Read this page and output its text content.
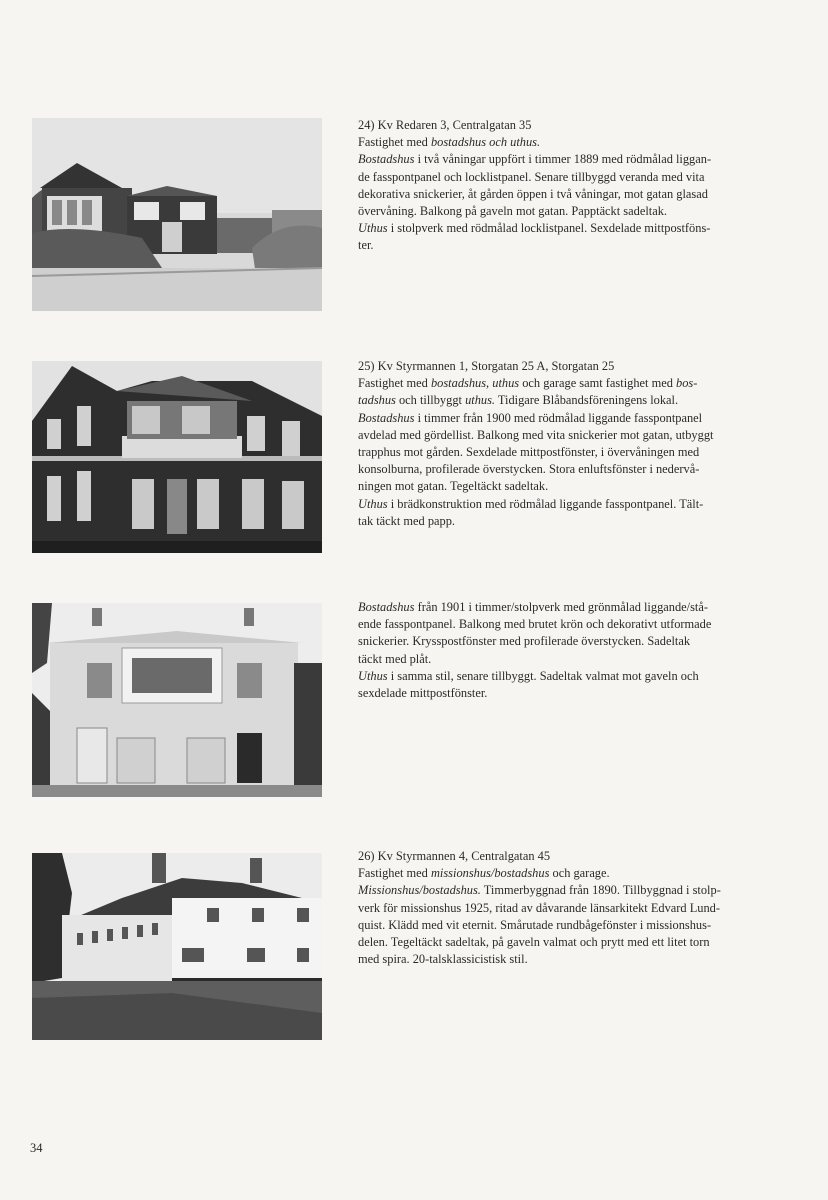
24) Kv Redaren 3, Centralgatan 35

Fastighet med bostadshus och uthus.

Bostadshus i två våningar uppfört i timmer 1889 med rödmålad liggan-

de fasspontpanel och locklistpanel. Senare tillbyggd veranda med vita

dekorativa snickerier, åt gården öppen i två våningar, mot gatan glasad

övervåning. Balkong på gaveln mot gatan. Papptäckt sadeltak.

Uthus i stolpverk med rödmålad locklistpanel. Sexdelade mittpostföns-

ter.

25) Kv Styrmannen 1, Storgatan 25 A, Storgatan 25

Fastighet med bostadshus, uthus och garage samt fastighet med bos-

tadshus och tillbyggt uthus. Tidigare Blåbandsföreningens lokal.

Bostadshus i timmer från 1900 med rödmålad liggande fasspontpanel

avdelad med gördellist. Balkong med vita snickerier mot gatan, utbyggt

trapphus mot gården. Sexdelade mittpostfönster, i övervåningen med

konsolburna, profilerade överstycken. Stora enluftsfönster i nedervå-

ningen mot gatan. Tegeltäckt sadeltak.

Uthus i brädkonstruktion med rödmålad liggande fasspontpanel. Tält-

tak täckt med papp.

Bostadshus från 1901 i timmer/stolpverk med grönmålad liggande/stå-

ende fasspontpanel. Balkong med brutet krön och dekorativt utformade

snickerier. Krysspostfönster med profilerade överstycken. Sadeltak

täckt med plåt.

Uthus i samma stil, senare tillbyggt. Sadeltak valmat mot gaveln och

sexdelade mittpostfönster.

26) Kv Styrmannen 4, Centralgatan 45

Fastighet med missionshus/bostadshus och garage.

Missionshus/bostadshus. Timmerbyggnad från 1890. Tillbyggnad i stolp-

verk för missionshus 1925, ritad av dåvarande länsarkitekt Edvard Lund-

quist. Klädd med vit eternit. Smårutade rundbågefönster i missionshus-

delen. Tegeltäckt sadeltak, på gaveln valmat och prytt med ett litet torn

med spira. 20-talsklassicistisk stil.

34
